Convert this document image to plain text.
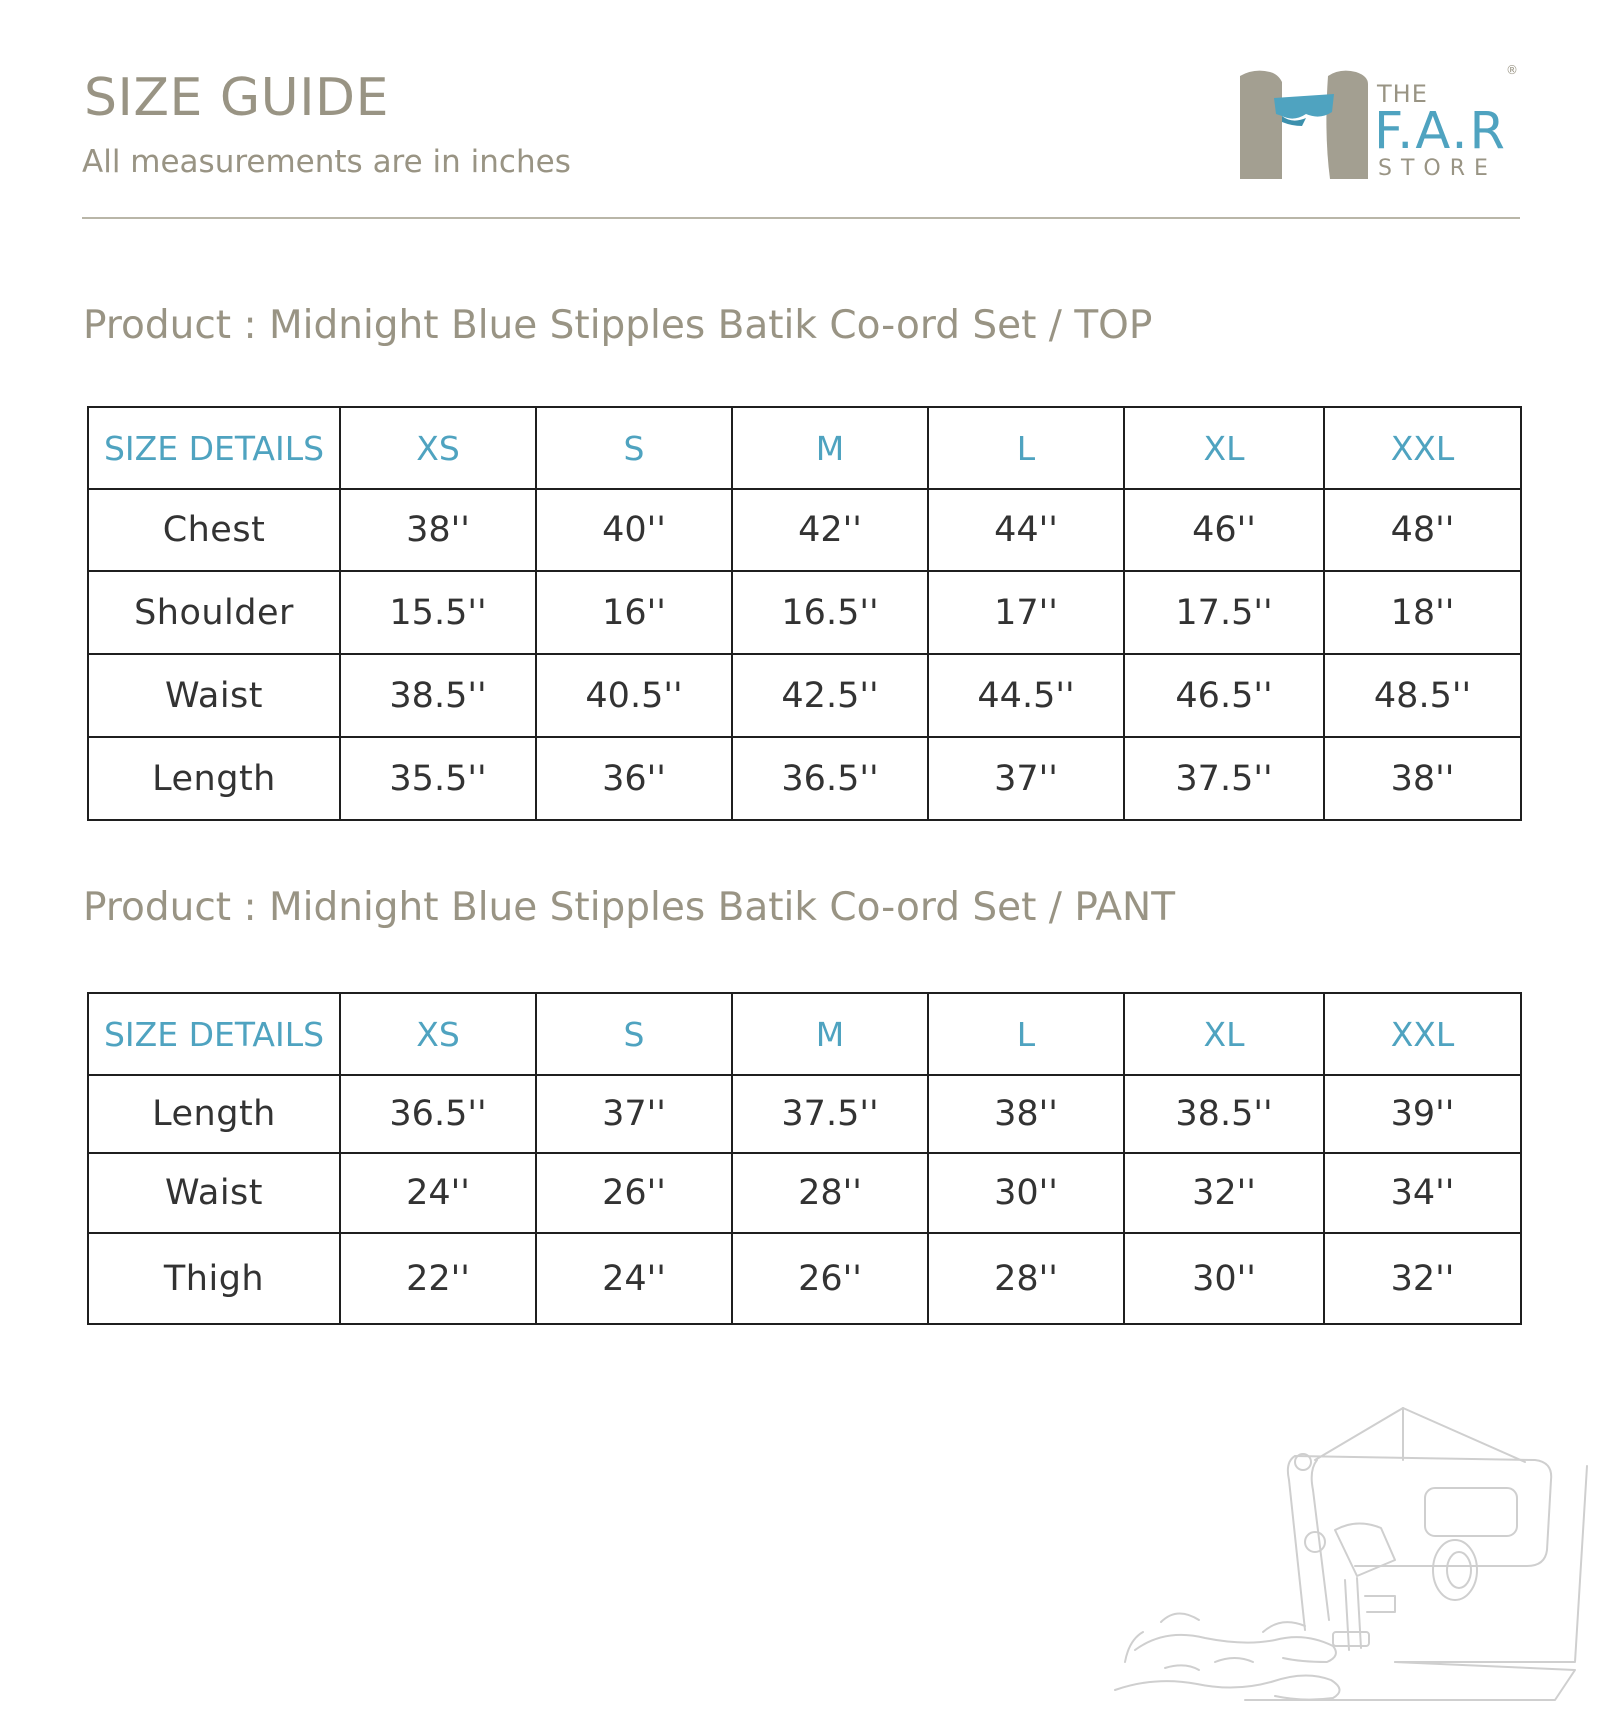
SIZE GUIDE
All measurements are in inches
®
THE
F.A.R
STORE
Product : Midnight Blue Stipples Batik Co-ord Set / TOP
SIZE DETAILS	XS	S	M	L	XL	XXL
Chest	38''	40''	42''	44''	46''	48''
Shoulder	15.5''	16''	16.5''	17''	17.5''	18''
Waist	38.5''	40.5''	42.5''	44.5''	46.5''	48.5''
Length	35.5''	36''	36.5''	37''	37.5''	38''
Product : Midnight Blue Stipples Batik Co-ord Set / PANT
SIZE DETAILS	XS	S	M	L	XL	XXL
Length	36.5''	37''	37.5''	38''	38.5''	39''
Waist	24''	26''	28''	30''	32''	34''
Thigh	22''	24''	26''	28''	30''	32''
